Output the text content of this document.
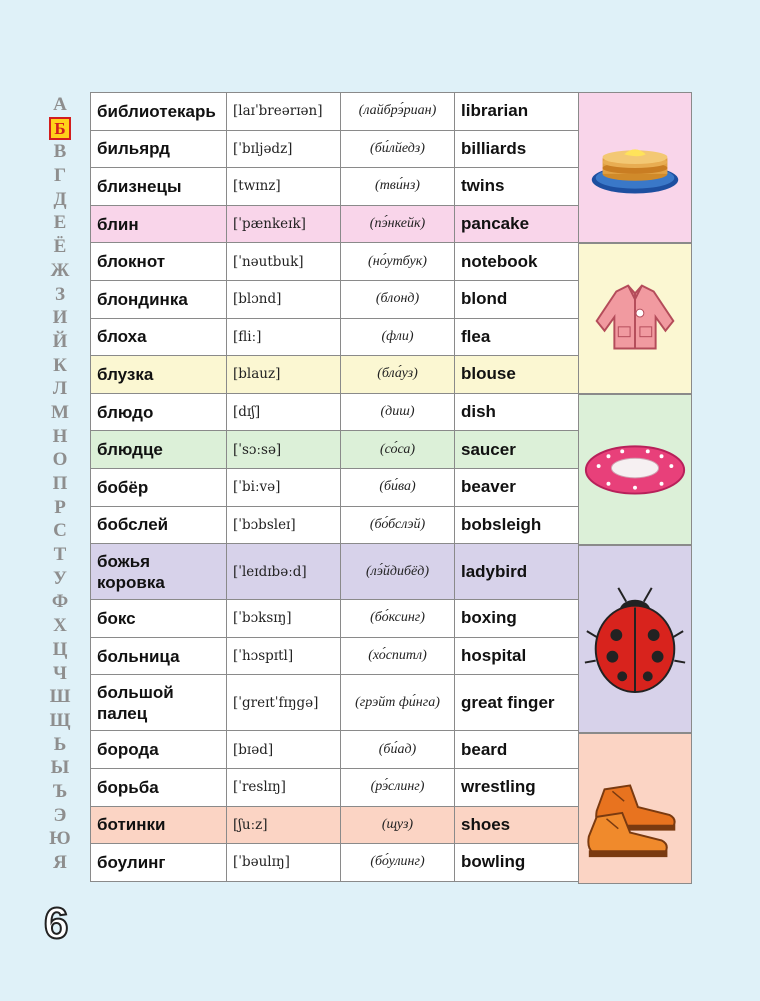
А
Б
В
Г
Д
Е
Ё
Ж
З
И
Й
К
Л
М
Н
О
П
Р
С
Т
У
Ф
Х
Ц
Ч
Ш
Щ
Ь
Ы
Ъ
Э
Ю
Я
6
библиотекарь	[laɪˈbreərɪən]	(лайбрэ́риан)	librarian
бильярд	[ˈbɪljədz]	(би́лйедз)	billiards
близнецы	[twɪnz]	(тви́нз)	twins
блин	[ˈpænkeɪk]	(пэ́нкейк)	pancake
блокнот	[ˈnəutbuk]	(но́утбук)	notebook
блондинка	[blɔnd]	(блонд)	blond
блоха	[fliː]	(фли)	flea
блузка	[blauz]	(бла́уз)	blouse
блюдо	[dɪʃ]	(диш)	dish
блюдце	[ˈsɔːsə]	(со́са)	saucer
бобёр	[ˈbiːvə]	(би́ва)	beaver
бобслей	[ˈbɔbsleɪ]	(бо́бслэй)	bobsleigh
божья коровка	[ˈleɪdɪbəːd]	(лэ́йдибёд)	ladybird
бокс	[ˈbɔksɪŋ]	(бо́ксинг)	boxing
больница	[ˈhɔspɪtl]	(хо́спитл)	hospital
большой палец	[ˈgreɪtˈfɪŋgə]	(грэйт фи́нга)	great finger
борода	[bɪəd]	(би́ад)	beard
борьба	[ˈreslɪŋ]	(рэ́слинг)	wrestling
ботинки	[ʃuːz]	(щуз)	shoes
боулинг	[ˈbəulɪŋ]	(бо́улинг)	bowling
